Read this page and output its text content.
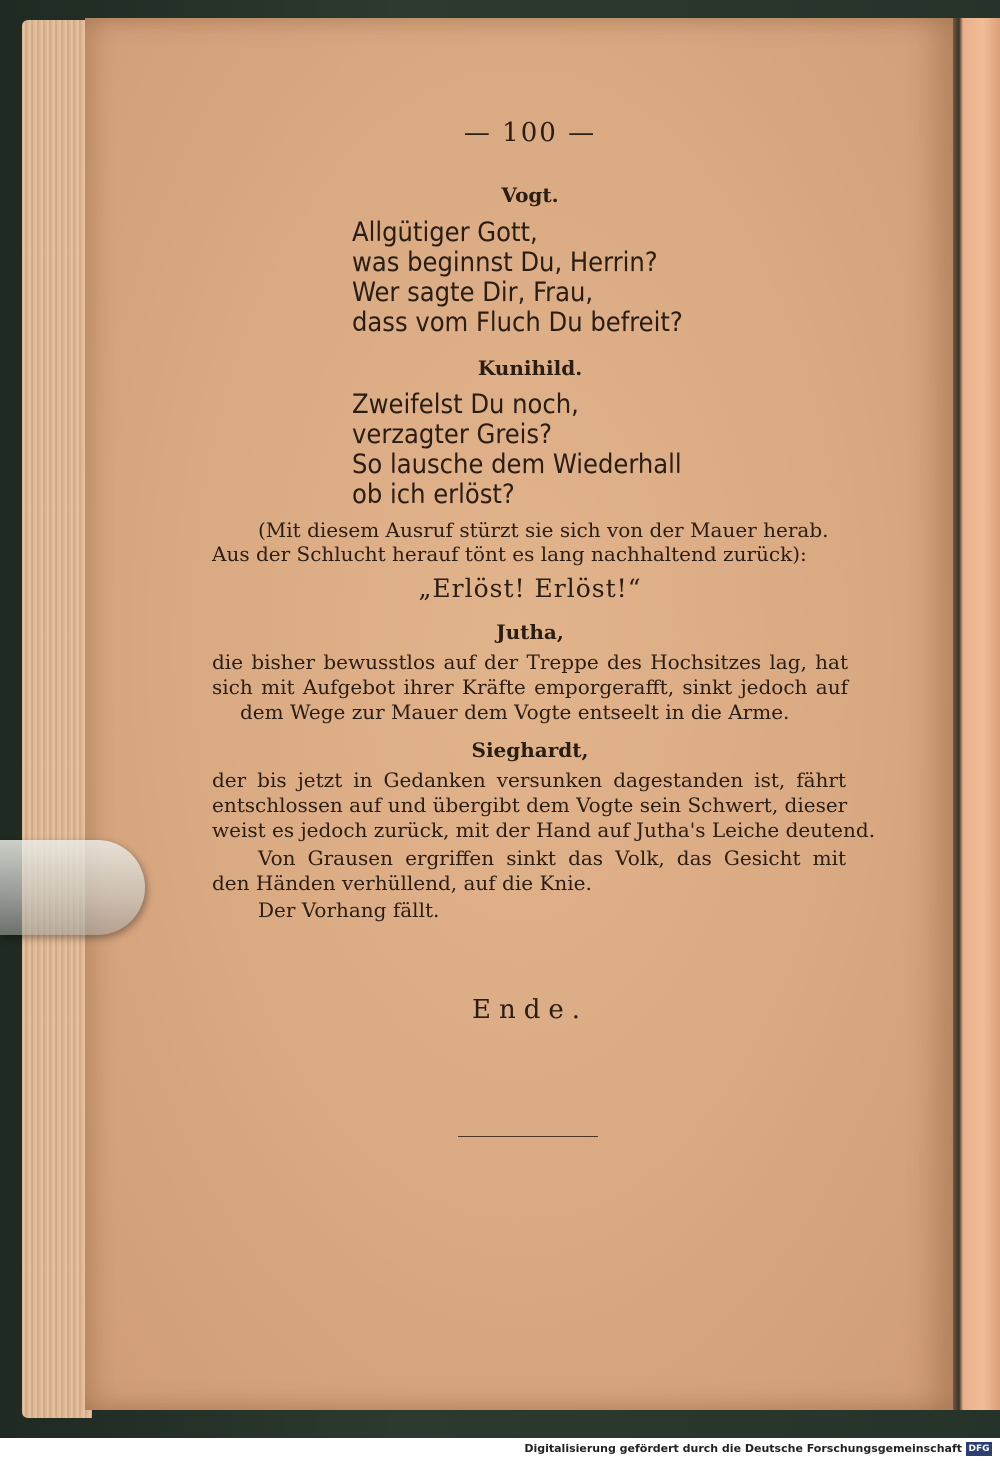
— 100 —
Vogt.
Allgütiger Gott,
was beginnst Du, Herrin?
Wer sagte Dir, Frau,
dass vom Fluch Du befreit?
Kunihild.
Zweifelst Du noch,
verzagter Greis?
So lausche dem Wiederhall
ob ich erlöst?
(Mit diesem Ausruf stürzt sie sich von der Mauer herab.
Aus der Schlucht herauf tönt es lang nachhaltend zurück):
„Erlöst! Erlöst!“
Jutha,
die bisher bewusstlos auf der Treppe des Hochsitzes lag, hat
sich mit Aufgebot ihrer Kräfte emporgerafft, sinkt jedoch auf
dem Wege zur Mauer dem Vogte entseelt in die Arme.
Sieghardt,
der bis jetzt in Gedanken versunken dagestanden ist, fährt
entschlossen auf und übergibt dem Vogte sein Schwert, dieser
weist es jedoch zurück, mit der Hand auf Jutha's Leiche deutend.
Von Grausen ergriffen sinkt das Volk, das Gesicht mit
den Händen verhüllend, auf die Knie.
Der Vorhang fällt.
Ende.
Digitalisierung gefördert durch die Deutsche Forschungsgemeinschaft DFG
